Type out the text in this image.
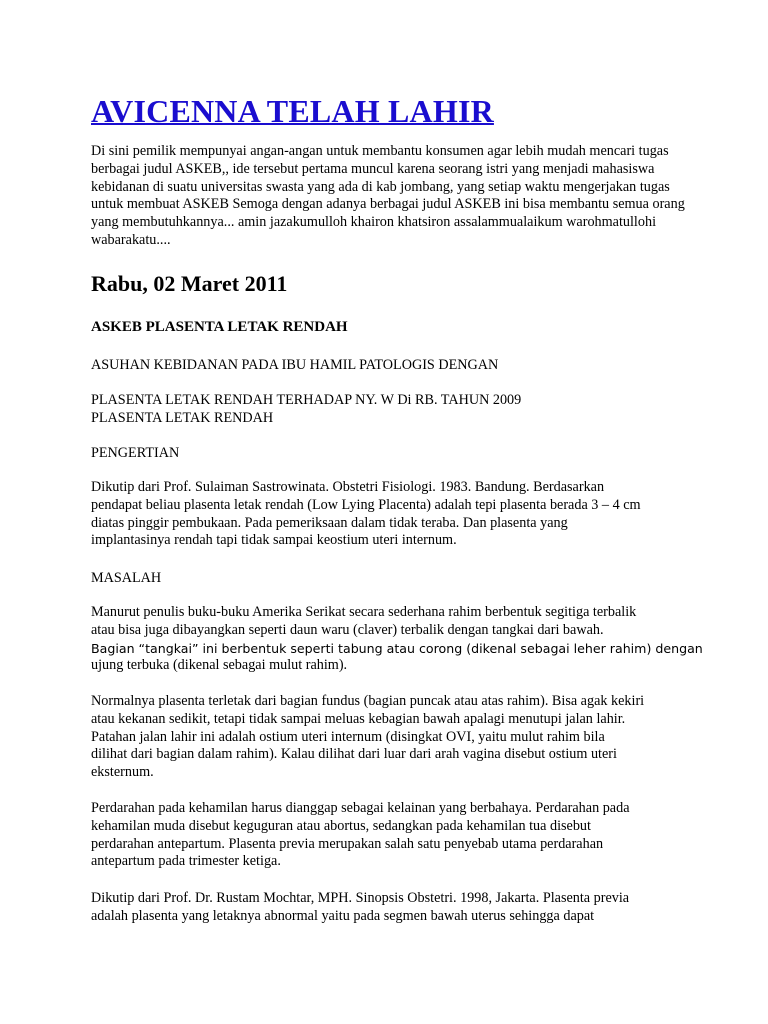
AVICENNA TELAH LAHIR
Di sini pemilik mempunyai angan-angan untuk membantu konsumen agar lebih mudah mencari tugas berbagai judul ASKEB,, ide tersebut pertama muncul karena seorang istri yang menjadi mahasiswa kebidanan di suatu universitas swasta yang ada di kab jombang, yang setiap waktu mengerjakan tugas untuk membuat ASKEB Semoga dengan adanya berbagai judul ASKEB ini bisa membantu semua orang yang membutuhkannya... amin jazakumulloh khairon khatsiron assalammualaikum warohmatullohi wabarakatu....
Rabu, 02 Maret 2011
ASKEB PLASENTA LETAK RENDAH
ASUHAN KEBIDANAN PADA IBU HAMIL PATOLOGIS DENGAN
PLASENTA LETAK RENDAH TERHADAP NY. W Di RB. TAHUN 2009
PLASENTA LETAK RENDAH
PENGERTIAN
Dikutip dari Prof. Sulaiman Sastrowinata. Obstetri Fisiologi. 1983. Bandung. Berdasarkan
pendapat beliau plasenta letak rendah (Low Lying Placenta) adalah tepi plasenta berada 3 – 4 cm
diatas pinggir pembukaan. Pada pemeriksaan dalam tidak teraba. Dan plasenta yang
implantasinya rendah tapi tidak sampai keostium uteri internum.
MASALAH
Manurut penulis buku-buku Amerika Serikat secara sederhana rahim berbentuk segitiga terbalik
atau bisa juga dibayangkan seperti daun waru (claver) terbalik dengan tangkai dari bawah.
Bagian “tangkai” ini berbentuk seperti tabung atau corong (dikenal sebagai leher rahim) dengan
ujung terbuka (dikenal sebagai mulut rahim).
Normalnya plasenta terletak dari bagian fundus (bagian puncak atau atas rahim). Bisa agak kekiri
atau kekanan sedikit, tetapi tidak sampai meluas kebagian bawah apalagi menutupi jalan lahir.
Patahan jalan lahir ini adalah ostium uteri internum (disingkat OVI, yaitu mulut rahim bila
dilihat dari bagian dalam rahim). Kalau dilihat dari luar dari arah vagina disebut ostium uteri
eksternum.
Perdarahan pada kehamilan harus dianggap sebagai kelainan yang berbahaya. Perdarahan pada
kehamilan muda disebut keguguran atau abortus, sedangkan pada kehamilan tua disebut
perdarahan antepartum. Plasenta previa merupakan salah satu penyebab utama perdarahan
antepartum pada trimester ketiga.
Dikutip dari Prof. Dr. Rustam Mochtar, MPH. Sinopsis Obstetri. 1998, Jakarta. Plasenta previa
adalah plasenta yang letaknya abnormal yaitu pada segmen bawah uterus sehingga dapat
